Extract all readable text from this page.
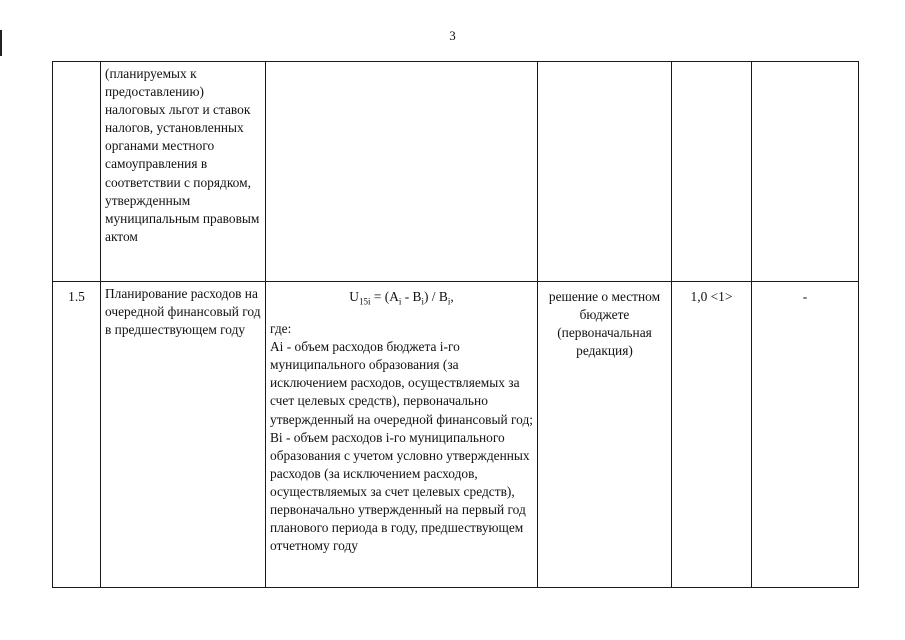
3

	(планируемых к предоставлению) налоговых льгот и ставок налогов, установленных органами местного самоуправления в соответствии с порядком, утвержденным муниципальным правовым актом				

1.5	Планирование расходов на очередной финансовый год в предшествующем году	$U_{15i} = (A_i - B_i) / B_i$,
где:
Ai - объем расходов бюджета i-го муниципального образования (за исключением расходов, осуществляемых за счет целевых средств), первоначально утвержденный на очередной финансовый год;
Bi - объем расходов i-го муниципального образования с учетом условно утвержденных расходов (за исключением расходов, осуществляемых за счет целевых средств), первоначально утвержденный на первый год планового периода в году, предшествующем отчетному году	решение о местном бюджете (первоначальная редакция)	1,0 <1>	-
